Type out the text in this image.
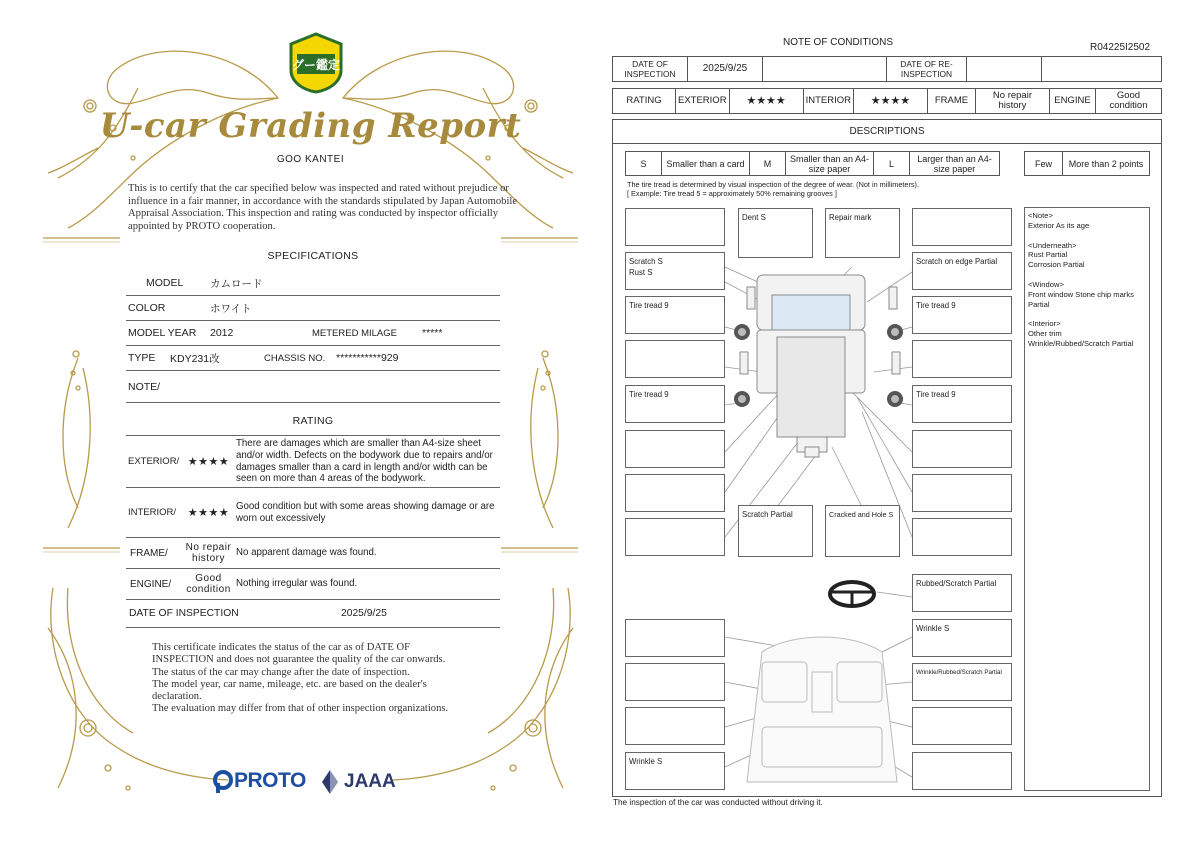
グー鑑定
U-car Grading Report
GOO KANTEI
This is to certify that the car specified below was inspected and rated without prejudice or influence in a fair manner, in accordance with the standards stipulated by Japan Automobile Appraisal Association. This inspection and rating was conducted by inspector officially appointed by PROTO cooperation.
SPECIFICATIONS
MODEL	カムロード
COLOR	ホワイト
MODEL YEAR	2012	METERED MILAGE	*****
TYPE	KDY231改	CHASSIS NO.	***********929
NOTE/
RATING
EXTERIOR/ ★★★★
There are damages which are smaller than A4-size sheet and/or width. Defects on the bodywork due to repairs and/or damages smaller than a card in length and/or width can be seen on more than 4 areas of the bodywork.
INTERIOR/	★★★★
Good condition but with some areas showing damage or are worn out excessively
FRAME/	No repair history
No apparent damage was found.
ENGINE/	Good condition
Nothing irregular was found.
DATE OF INSPECTION	2025/9/25
This certificate indicates the status of the car as of DATE OF
INSPECTION and does not guarantee the quality of the car onwards.
The status of the car may change after the date of inspection.
The model year, car name, mileage, etc. are based on the dealer's
declaration.
The evaluation may differ from that of other inspection organizations.
PROTO JAAA
NOTE OF CONDITIONS	R04225I2502
DATE OF INSPECTION	2025/9/25		DATE OF RE-INSPECTION		
RATING	EXTERIOR	★★★★	INTERIOR	★★★★	FRAME	No repair history	ENGINE	Good condition
DESCRIPTIONS
S	Smaller than a card	M	Smaller than an A4-size paper	L	Larger than an A4-size paper	Few	More than 2 points
The tire tread is determined by visual inspection of the degree of wear. (Not in millimeters).
[ Example: Tire tread 5 = approximately 50% remaining grooves ]
Dent S	Repair mark
Scratch S
Rust S
Scratch on edge Partial
Tire tread 9	Tire tread 9
Tire tread 9	Tire tread 9
Scratch Partial	Cracked and Hole S
Rubbed/Scratch Partial
Wrinkle S
Wrinkle/Rubbed/Scratch Partial
Wrinkle S
<Note>
Exterior As its age
<Underneath>
Rust Partial
Corrosion Partial
<Window>
Front window Stone chip marks Partial
<Interior>
Other trim
Wrinkle/Rubbed/Scratch Partial
The inspection of the car was conducted without driving it.
